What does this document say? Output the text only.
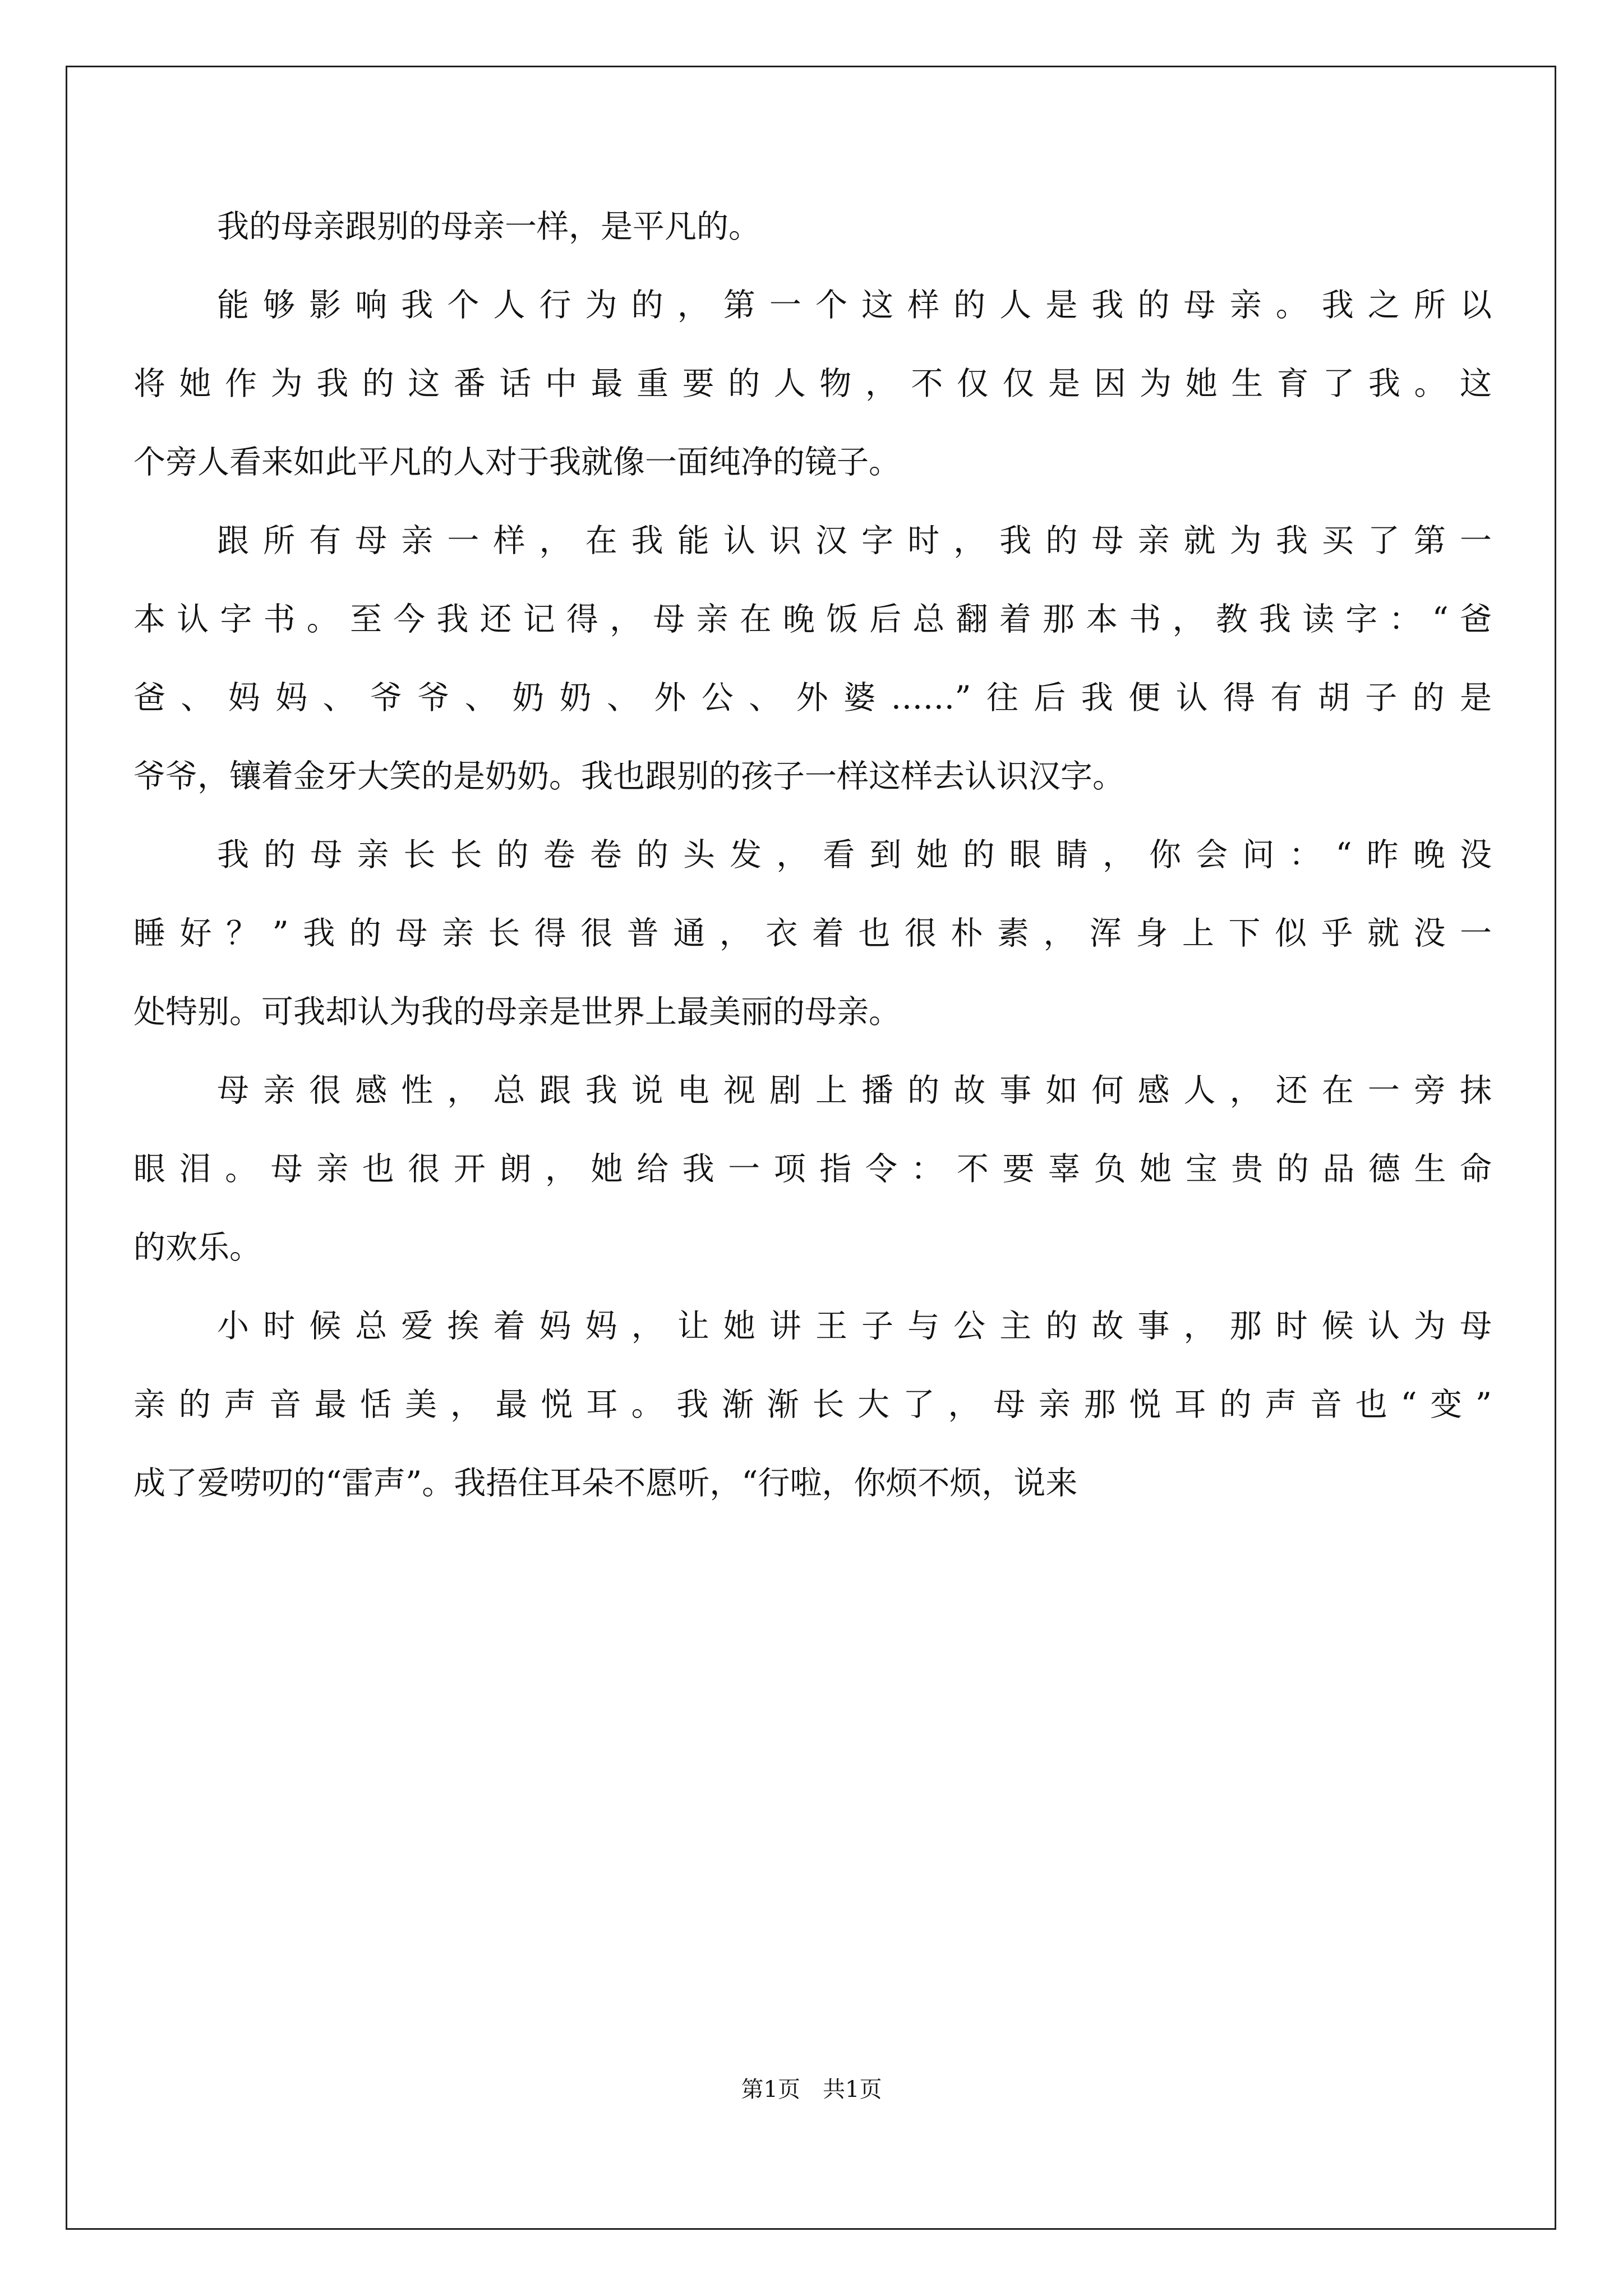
我的母亲跟别的母亲一样，是平凡的。
能够影响我个人行为的，第一个这样的人是我的母亲。我之所以
将她作为我的这番话中最重要的人物，不仅仅是因为她生育了我。这
个旁人看来如此平凡的人对于我就像一面纯净的镜子。
跟所有母亲一样，在我能认识汉字时，我的母亲就为我买了第一
本认字书。至今我还记得，母亲在晚饭后总翻着那本书，教我读字：“爸
爸、妈妈、爷爷、奶奶、外公、外婆……”往后我便认得有胡子的是
爷爷，镶着金牙大笑的是奶奶。我也跟别的孩子一样这样去认识汉字。
我的母亲长长的卷卷的头发，看到她的眼睛，你会问：“昨晚没
睡好？”我的母亲长得很普通，衣着也很朴素，浑身上下似乎就没一
处特别。可我却认为我的母亲是世界上最美丽的母亲。
母亲很感性，总跟我说电视剧上播的故事如何感人，还在一旁抹
眼泪。母亲也很开朗，她给我一项指令：不要辜负她宝贵的品德生命
的欢乐。
小时候总爱挨着妈妈，让她讲王子与公主的故事，那时候认为母
亲的声音最恬美，最悦耳。我渐渐长大了，母亲那悦耳的声音也“变”
成了爱唠叨的“雷声”。我捂住耳朵不愿听，“行啦，你烦不烦，说来
第1页 共1页
